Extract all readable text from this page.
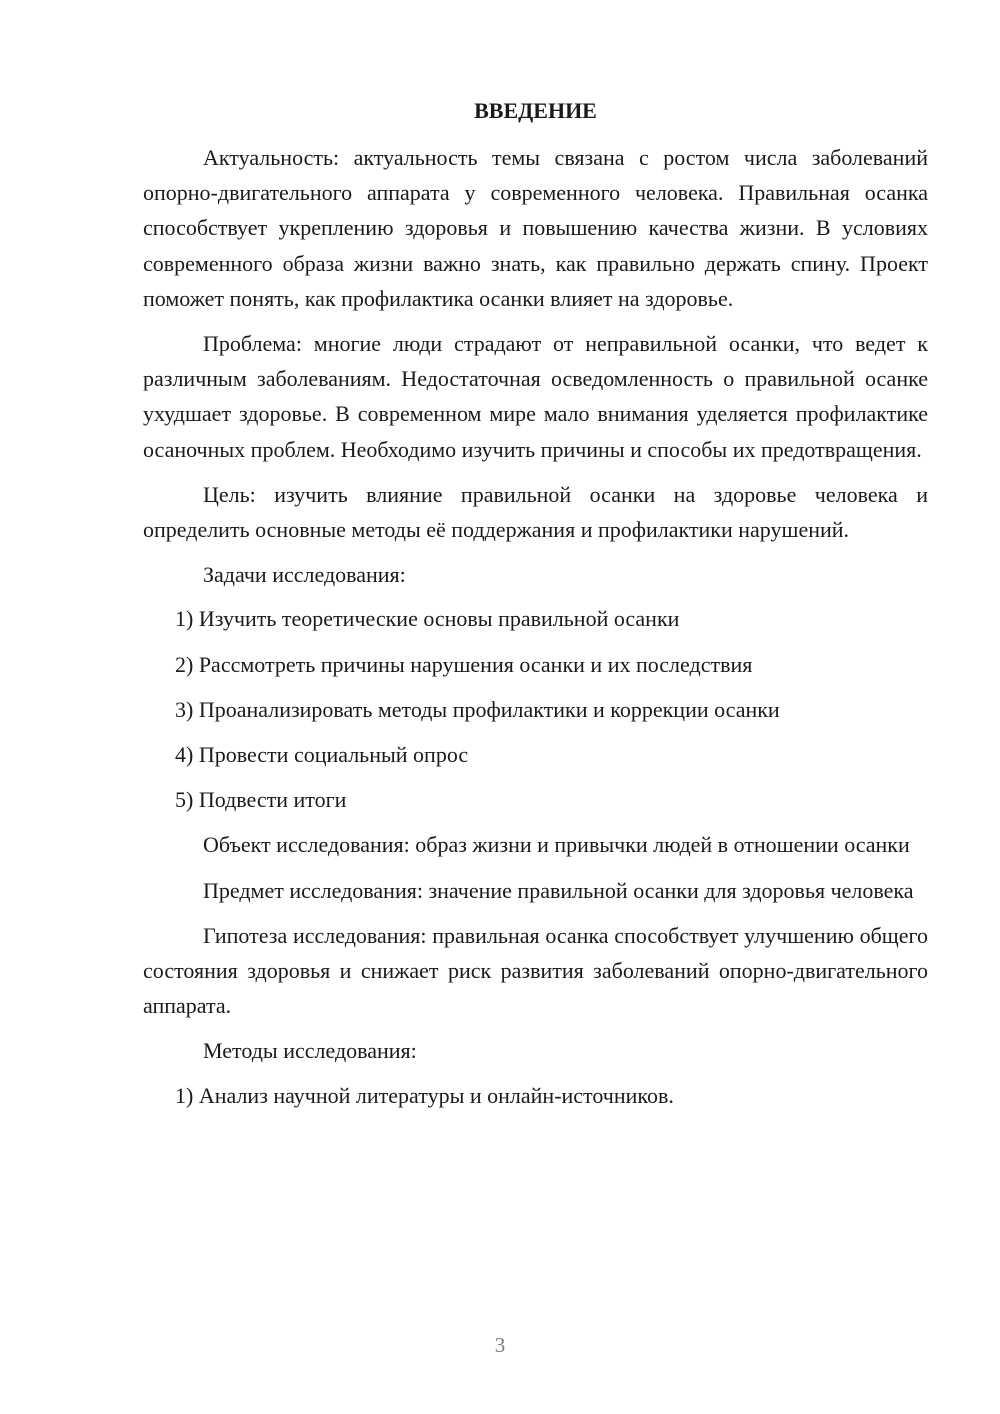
ВВЕДЕНИЕ

Актуальность: актуальность темы связана с ростом числа заболеваний опорно-двигательного аппарата у современного человека. Правильная осанка способствует укреплению здоровья и повышению качества жизни. В условиях современного образа жизни важно знать, как правильно держать спину. Проект поможет понять, как профилактика осанки влияет на здоровье.

Проблема: многие люди страдают от неправильной осанки, что ведет к различным заболеваниям. Недостаточная осведомленность о правильной осанке ухудшает здоровье. В современном мире мало внимания уделяется профилактике осаночных проблем. Необходимо изучить причины и способы их предотвращения.

Цель: изучить влияние правильной осанки на здоровье человека и определить основные методы её поддержания и профилактики нарушений.

Задачи исследования:

1) Изучить теоретические основы правильной осанки
2) Рассмотреть причины нарушения осанки и их последствия
3) Проанализировать методы профилактики и коррекции осанки
4) Провести социальный опрос
5) Подвести итоги

Объект исследования: образ жизни и привычки людей в отношении осанки

Предмет исследования: значение правильной осанки для здоровья человека

Гипотеза исследования: правильная осанка способствует улучшению общего состояния здоровья и снижает риск развития заболеваний опорно-двигательного аппарата.

Методы исследования:

1) Анализ научной литературы и онлайн-источников.
3
